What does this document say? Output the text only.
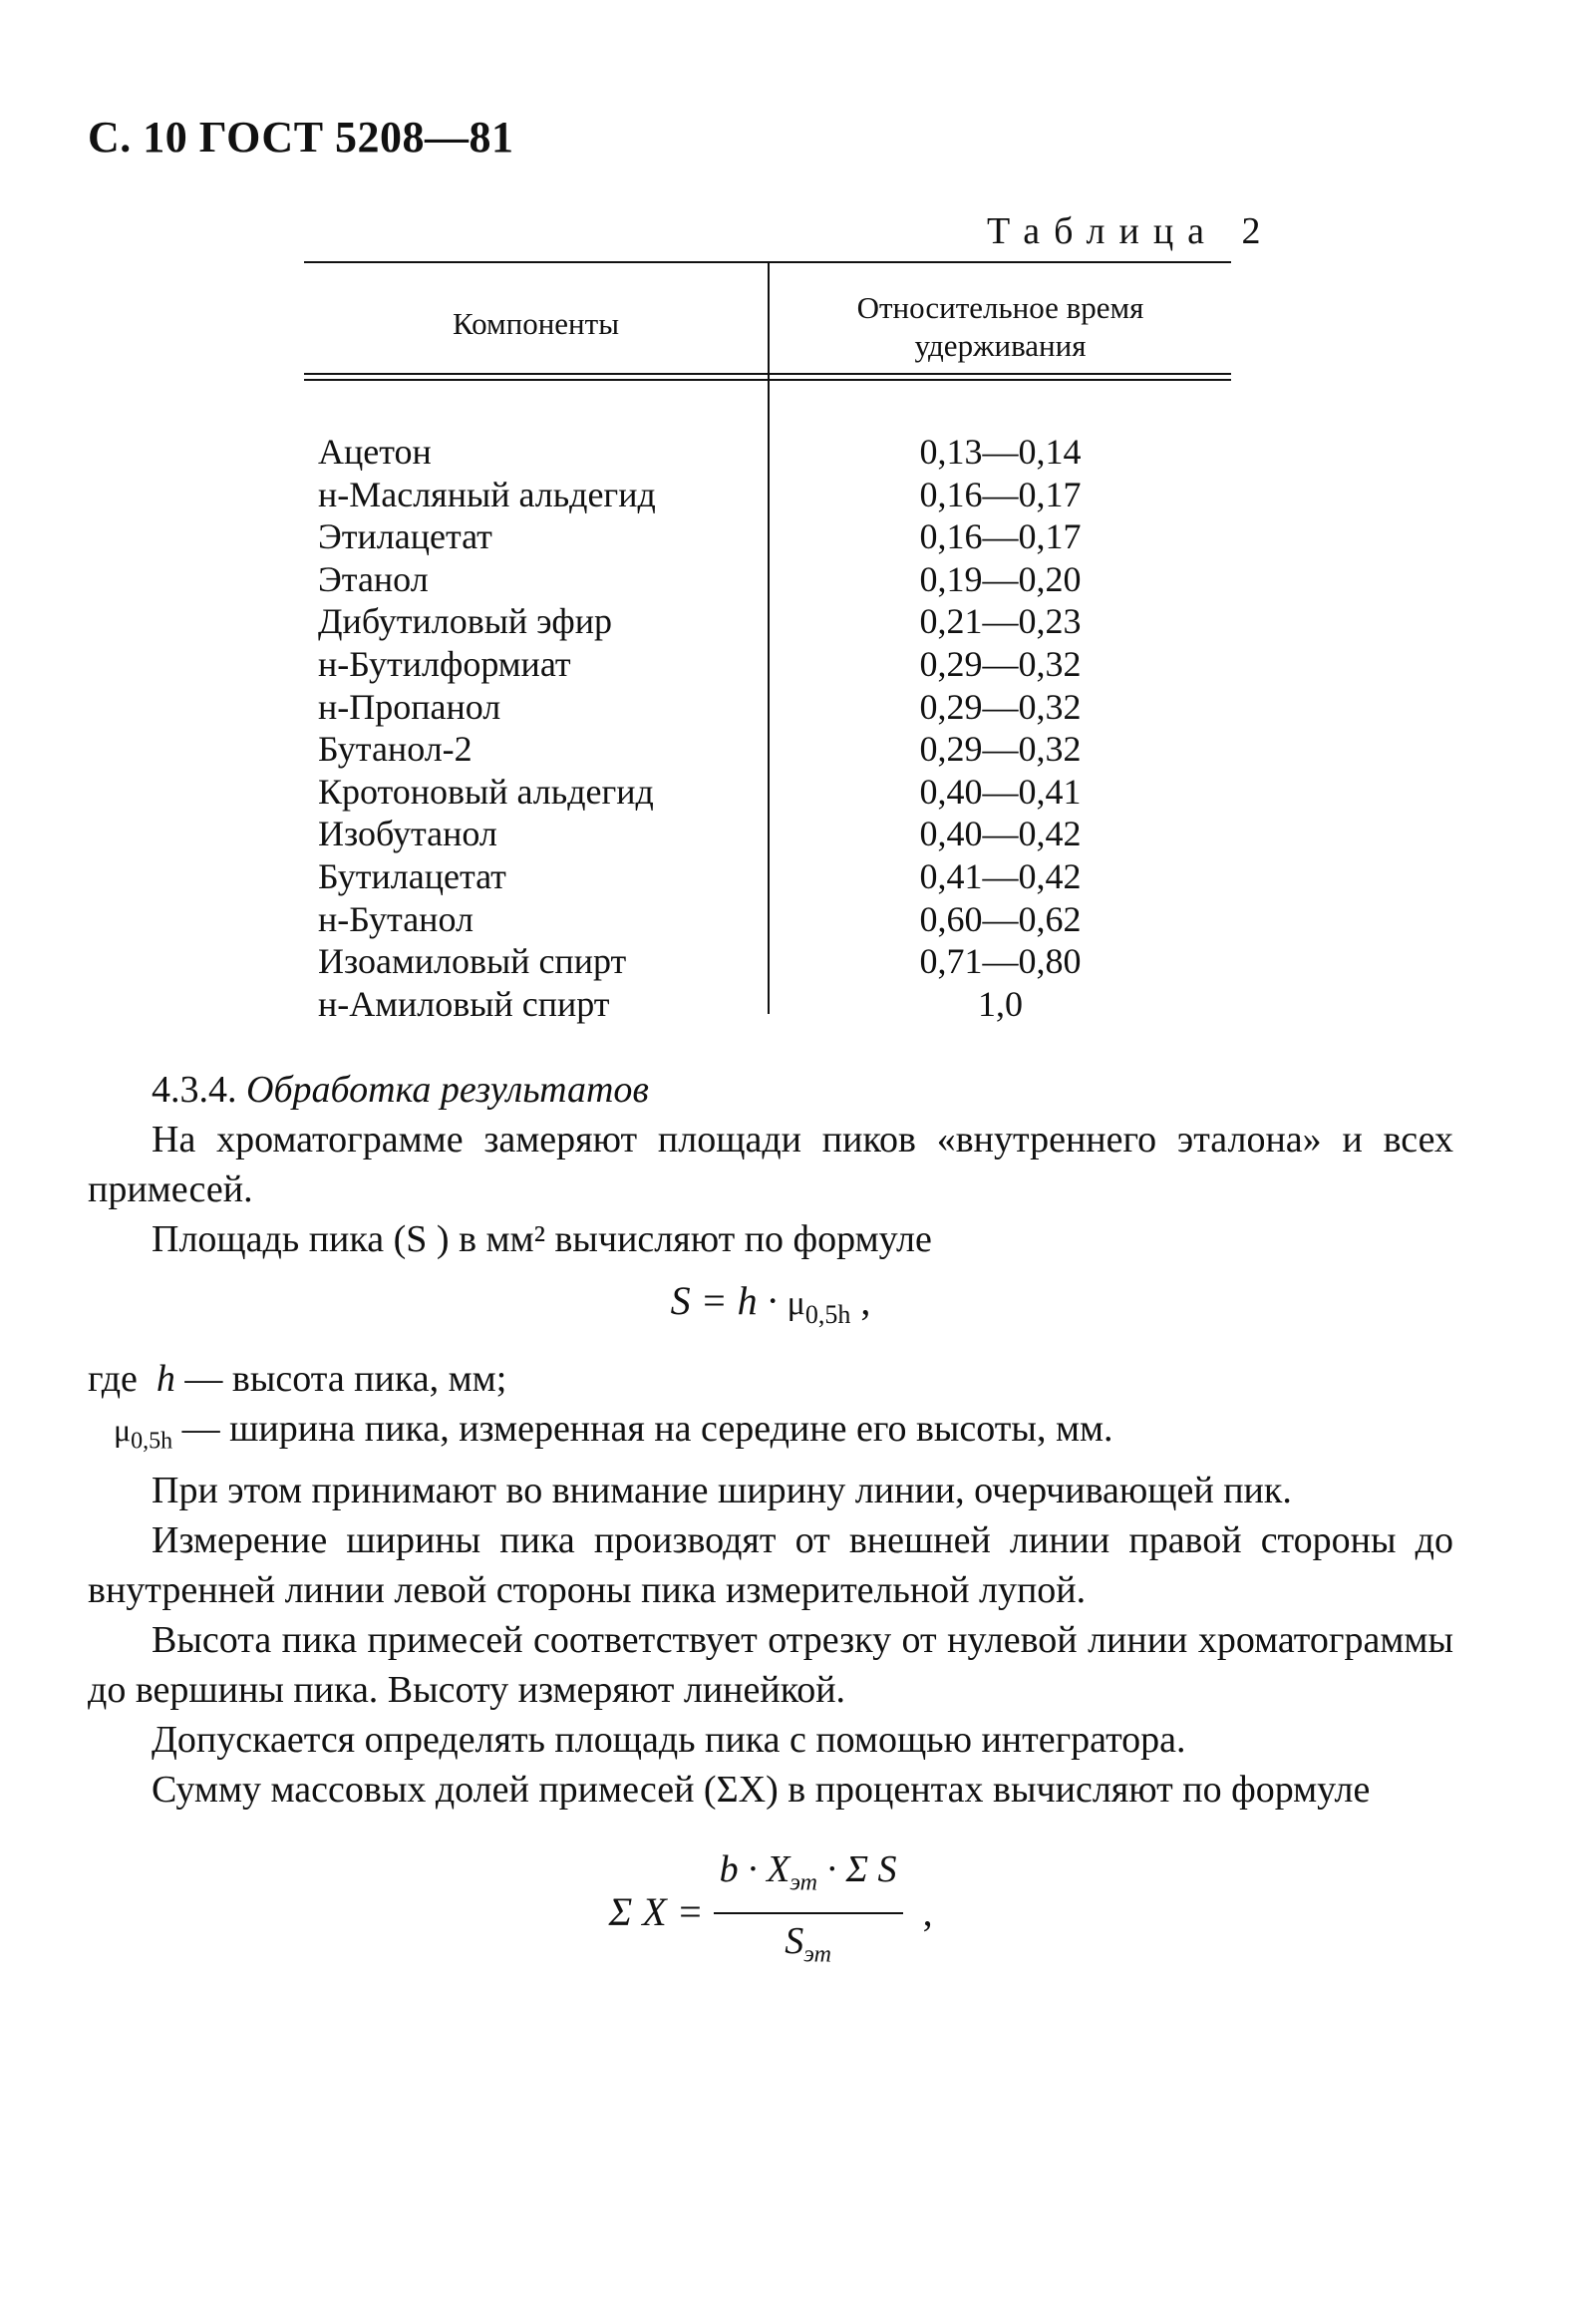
С. 10 ГОСТ 5208—81
Таблица 2
Компоненты	Относительное время
удерживания
Ацетон	0,13—0,14
н-Масляный альдегид	0,16—0,17
Этилацетат	0,16—0,17
Этанол	0,19—0,20
Дибутиловый эфир	0,21—0,23
н-Бутилформиат	0,29—0,32
н-Пропанол	0,29—0,32
Бутанол-2	0,29—0,32
Кротоновый альдегид	0,40—0,41
Изобутанол	0,40—0,42
Бутилацетат	0,41—0,42
н-Бутанол	0,60—0,62
Изоамиловый спирт	0,71—0,80
н-Амиловый спирт	1,0

4.3.4. Обработка результатов

На хроматограмме замеряют площади пиков «внутреннего эталона» и всех примесей.

Площадь пика (S ) в мм² вычисляют по формуле

$S = h \cdot \mu_{0,5h}$ ,

где h — высота пика, мм;

$\mu_{0,5h}$ — ширина пика, измеренная на середине его высоты, мм.

При этом принимают во внимание ширину линии, очерчивающей пик.

Измерение ширины пика производят от внешней линии правой стороны до внутренней линии левой стороны пика измерительной лупой.

Высота пика примесей соответствует отрезку от нулевой линии хроматограммы до вершины пика. Высоту измеряют линейкой.

Допускается определять площадь пика с помощью интегратора.

Сумму массовых долей примесей (ΣX) в процентах вычисляют по формуле

Σ $X = \frac{b \cdot X_{эт} \cdot \Sigma S}{S_{эт}}$ ,
